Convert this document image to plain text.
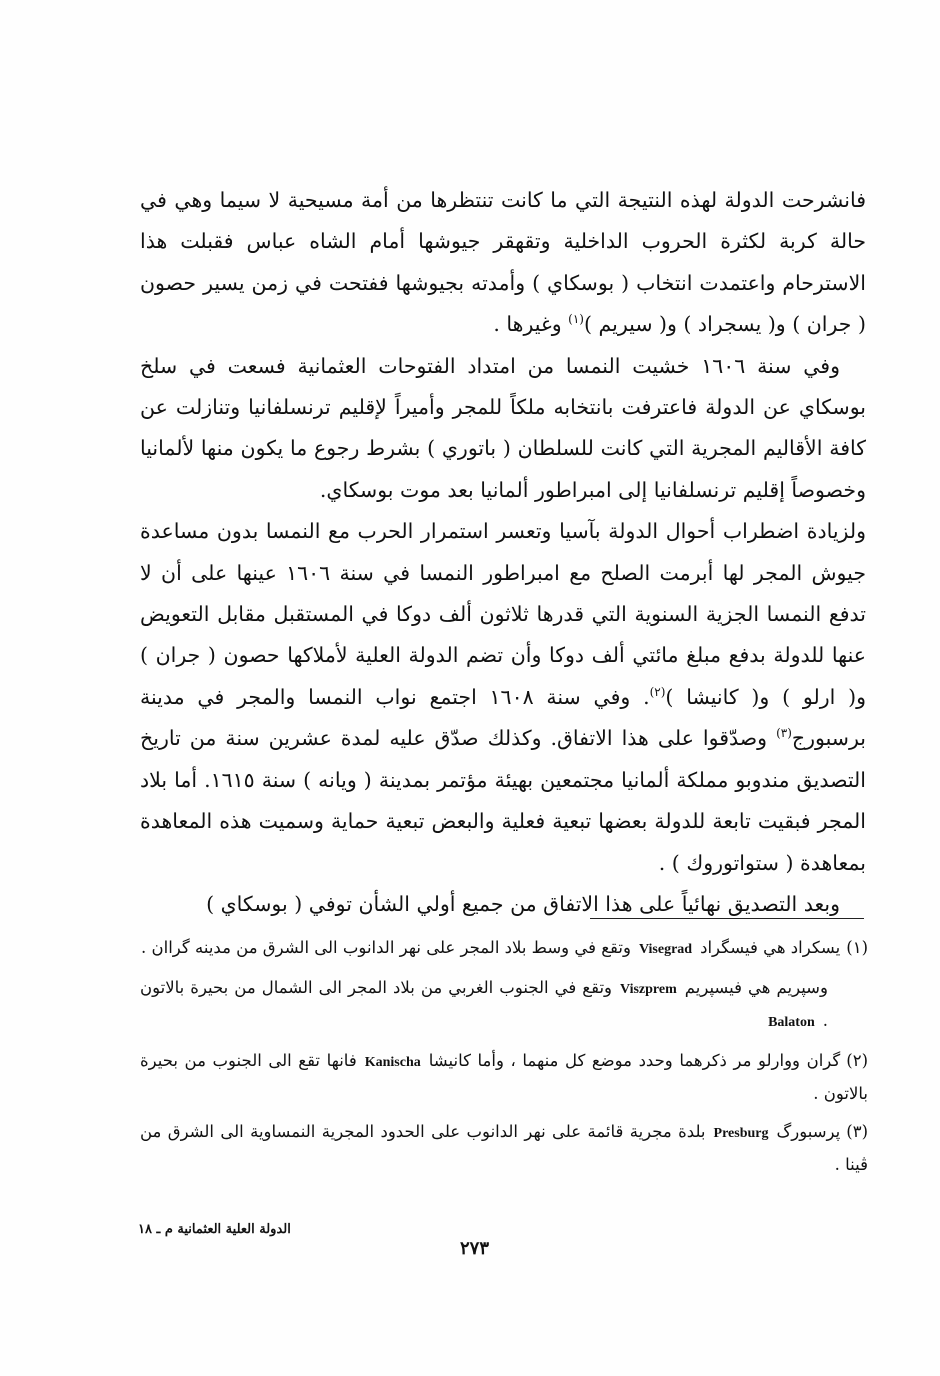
فانشرحت الدولة لهذه النتيجة التي ما كانت تنتظرها من أمة مسيحية لا سيما وهي في حالة كربة لكثرة الحروب الداخلية وتقهقر جيوشها أمام الشاه عباس فقبلت هذا الاسترحام واعتمدت انتخاب ( بوسكاي ) وأمدته بجيوشها ففتحت في زمن يسير حصون ( جران ) و( يسجراد ) و( سيريم )$^{(١)}$ وغيرها .

وفي سنة ١٦٠٦ خشيت النمسا من امتداد الفتوحات العثمانية فسعت في سلخ بوسكاي عن الدولة فاعترفت بانتخابه ملكاً للمجر وأميراً لإقليم ترنسلفانيا وتنازلت عن كافة الأقاليم المجرية التي كانت للسلطان ( باتوري ) بشرط رجوع ما يكون منها لألمانيا وخصوصاً إقليم ترنسلفانيا إلى امبراطور ألمانيا بعد موت بوسكاي.

ولزيادة اضطراب أحوال الدولة بآسيا وتعسر استمرار الحرب مع النمسا بدون مساعدة جيوش المجر لها أبرمت الصلح مع امبراطور النمسا في سنة ١٦٠٦ عينها على أن لا تدفع النمسا الجزية السنوية التي قدرها ثلاثون ألف دوكا في المستقبل مقابل التعويض عنها للدولة بدفع مبلغ مائتي ألف دوكا وأن تضم الدولة العلية لأملاكها حصون ( جران ) و( ارلو ) و( كانيشا )$^{(٢)}$. وفي سنة ١٦٠٨ اجتمع نواب النمسا والمجر في مدينة برسبورج$^{(٣)}$ وصدّقوا على هذا الاتفاق. وكذلك صدّق عليه لمدة عشرين سنة من تاريخ التصديق مندوبو مملكة ألمانيا مجتمعين بهيئة مؤتمر بمدينة ( ويانه ) سنة ١٦١٥. أما بلاد المجر فبقيت تابعة للدولة بعضها تبعية فعلية والبعض تبعية حماية وسميت هذه المعاهدة بمعاهدة ( ستواتوروك ) .

وبعد التصديق نهائياً على هذا الاتفاق من جميع أولي الشأن توفي ( بوسكاي )

(١)يسكراد هي فيسگرادVisegradوتقع في وسط بلاد المجر على نهر الدانوب الى الشرق من مدينه گراان .

وسپريم هي فيسپريمViszpremوتقع في الجنوب الغربي من بلاد المجر الى الشمال من بحيرة بالاتون .Balaton

(٢)گران ووارلو مر ذكرهما وحدد موضع كل منهما ، وأما كانيشاKanischaفانها تقع الى الجنوب من بحيرة بالاتون .

(٣)پرسبورگPresburgبلدة مجرية قائمة على نهر الدانوب على الحدود المجرية النمساوية الى الشرق من ڤينا .

الدولة العلية العثمانية م ـ ١٨
٢٧٣
